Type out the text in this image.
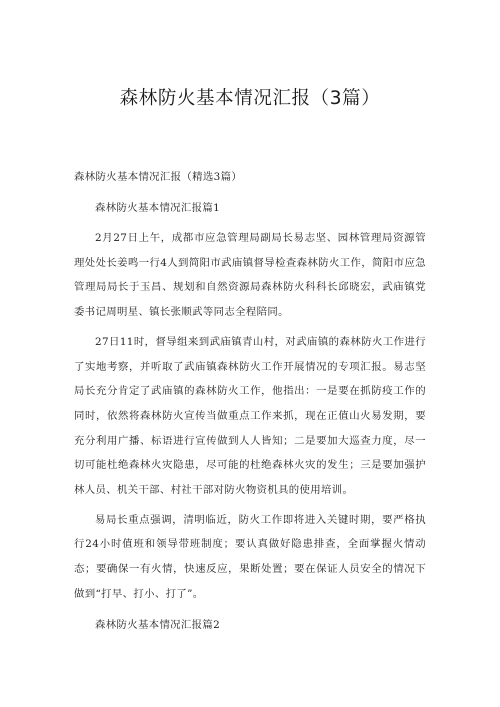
森林防火基本情况汇报（3篇）

森林防火基本情况汇报（精选3篇）

森林防火基本情况汇报篇1

2月27日上午，成都市应急管理局副局长易志坚、园林管理局资源管理处处长姜鸣一行4人到简阳市武庙镇督导检查森林防火工作，简阳市应急管理局局长于玉昌、规划和自然资源局森林防火科科长邱晓宏，武庙镇党委书记周明星、镇长张顺武等同志全程陪同。

27日11时，督导组来到武庙镇青山村，对武庙镇的森林防火工作进行了实地考察，并听取了武庙镇森林防火工作开展情况的专项汇报。易志坚局长充分肯定了武庙镇的森林防火工作，他指出：一是要在抓防疫工作的同时，依然将森林防火宣传当做重点工作来抓，现在正值山火易发期，要充分利用广播、标语进行宣传做到人人皆知；二是要加大巡查力度，尽一切可能杜绝森林火灾隐患，尽可能的杜绝森林火灾的发生；三是要加强护林人员、机关干部、村社干部对防火物资机具的使用培训。

易局长重点强调，清明临近，防火工作即将进入关键时期，要严格执行24小时值班和领导带班制度；要认真做好隐患排查，全面掌握火情动态；要确保一有火情，快速反应，果断处置；要在保证人员安全的情况下做到“打早、打小、打了”。

森林防火基本情况汇报篇2
